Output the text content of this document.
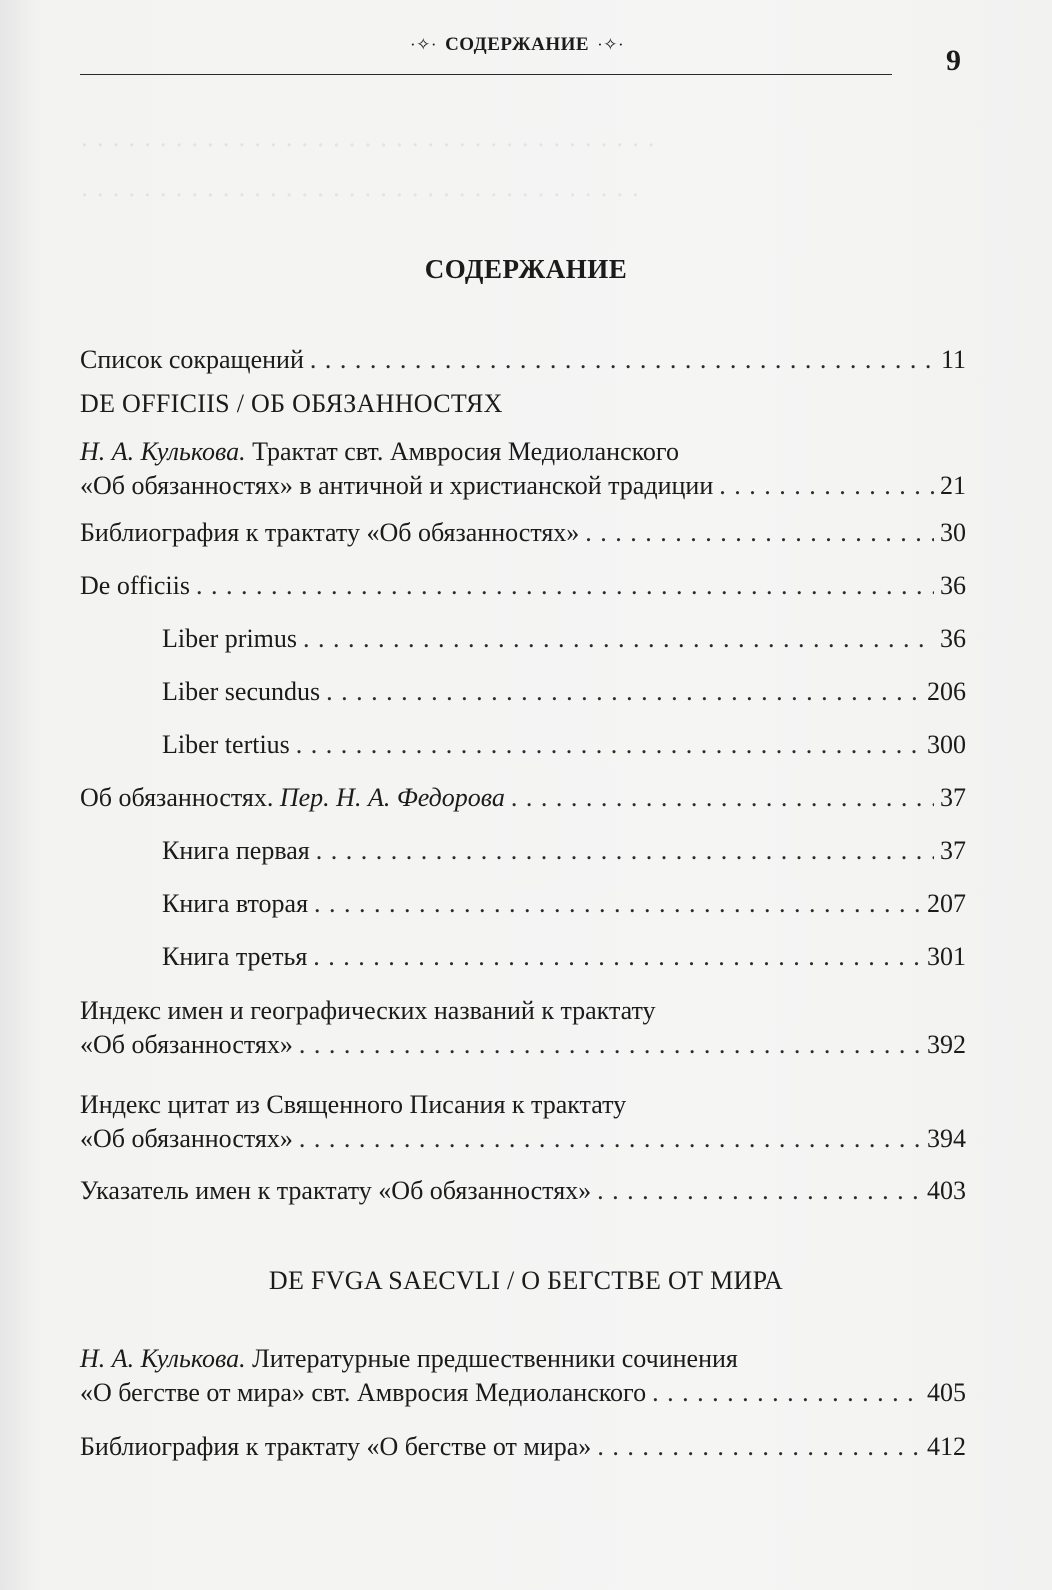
· · · · · · · · · · · · · · · · · · · · · · · · · · · · · · · · · · · · ·
· · · · · · · · · · · · · · · · · · · · · · · · · · · · · · · · · · · ·
·✧· СОДЕРЖАНИЕ ·✧·	9
СОДЕРЖАНИЕ
Список сокращений . . .	11
DE OFFICIIS / ОБ ОБЯЗАННОСТЯХ
Н. А. Кулькова. Трактат свт. Амвросия Медиоланского
«Об обязанностях» в античной и христианской традиции . . .	21
Библиография к трактату «Об обязанностях» . . .	30
De officiis . . .	36
Liber primus . . .	36
Liber secundus . . .	206
Liber tertius . . .	300
Об обязанностях. Пер. Н. А. Федорова . . .	37
Книга первая . . .	37
Книга вторая . . .	207
Книга третья . . .	301
Индекс имен и географических названий к трактату
«Об обязанностях» . . .	392
Индекс цитат из Священного Писания к трактату
«Об обязанностях» . . .	394
Указатель имен к трактату «Об обязанностях» . . .	403
DE FVGA SAECVLI / О БЕГСТВЕ ОТ МИРА
Н. А. Кулькова. Литературные предшественники сочинения
«О бегстве от мира» свт. Амвросия Медиоланского . . .	405
Библиография к трактату «О бегстве от мира» . . .	412
